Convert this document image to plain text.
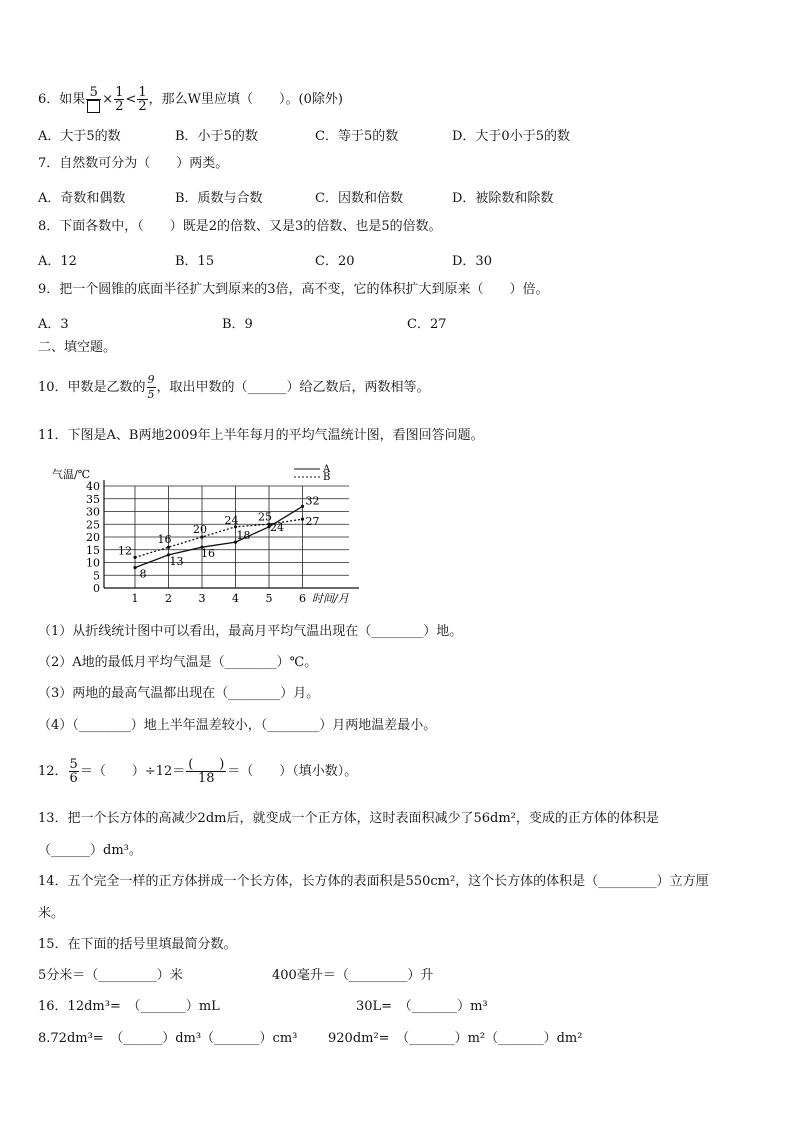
6．如果 $5 \times \frac{1}{2} < \frac{1}{2}$ ，那么W里应填（　　）。(0除外)
A．大于5的数	B．小于5的数	C．等于5的数	D．大于0小于5的数
7．自然数可分为（　　）两类。
A．奇数和偶数	B．质数与合数	C．因数和倍数	D．被除数和除数
8．下面各数中，（　　）既是2的倍数、又是3的倍数、也是5的倍数。
A．12	B．15	C．20	D．30
9．把一个圆锥的底面半径扩大到原来的3倍，高不变，它的体积扩大到原来（　　）倍。
A．3	B．9	C．27
二、填空题。
10．甲数是乙数的 $\frac{9}{5}$ ，取出甲数的（______）给乙数后，两数相等。
11．下图是A、B两地2009年上半年每月的平均气温统计图，看图回答问题。
气温/℃
0
5
10
15
20
25
30
35
40
1 2 3 4 5 6 时间/月
A
B
8
13
16
18
24
32
12
16
20
24 25	27
（1）从折线统计图中可以看出，最高月平均气温出现在（________）地。
（2）A地的最低月平均气温是（________）℃。
（3）两地的最高气温都出现在（________）月。
（4）（________）地上半年温差较小，（________）月两地温差最小。
12． $\frac{5}{6}$ ＝（　　）$\div 12= \frac{( )}{18}$ ＝（　　）（填小数）。
13．把一个长方体的高减少2dm后，就变成一个正方体，这时表面积减少了56dm²，变成的正方体的体积是
（______）dm³。
14．五个完全一样的正方体拼成一个长方体，长方体的表面积是550cm²，这个长方体的体积是（_________）立方厘
米。
15．在下面的括号里填最简分数。
5分米＝（_________）米	400毫升＝（_________）升
16．12dm³=　（_______）mL	30L=　（_______）m³
8.72dm³=　（______）dm³（_______）cm³ 920dm²=　（_______）m²（_______）dm²
